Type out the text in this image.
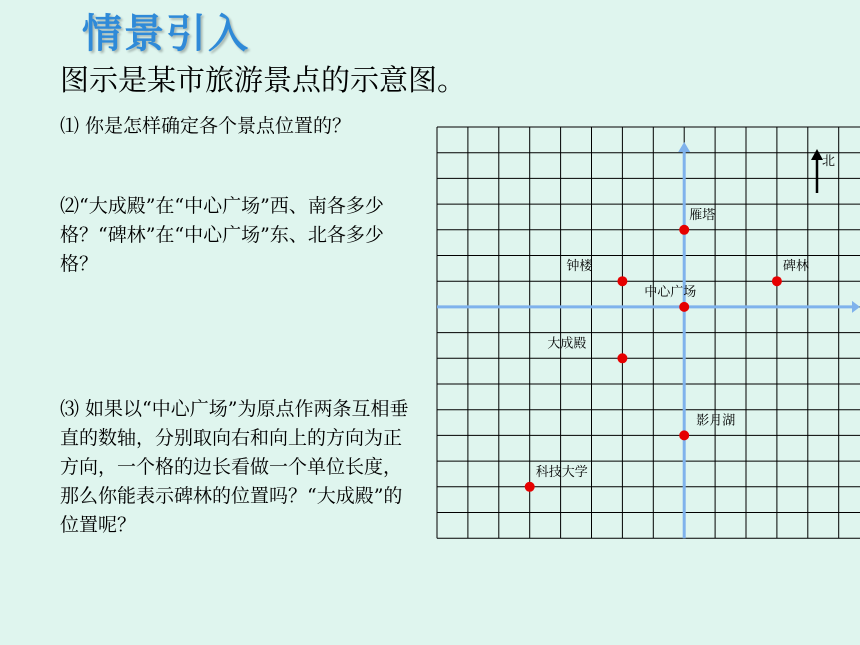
情景引入
图示是某市旅游景点的示意图。
⑴ 你是怎样确定各个景点位置的？
⑵“大成殿”在“中心广场”西、南各多少格？“碑林”在“中心广场”东、北各多少格？
⑶ 如果以“中心广场”为原点作两条互相垂直的数轴，分别取向右和向上的方向为正方向，一个格的边长看做一个单位长度，那么你能表示碑林的位置吗？“大成殿”的位置呢？
北
雁塔
钟楼
中心广场
碑林
大成殿
影月湖
科技大学
